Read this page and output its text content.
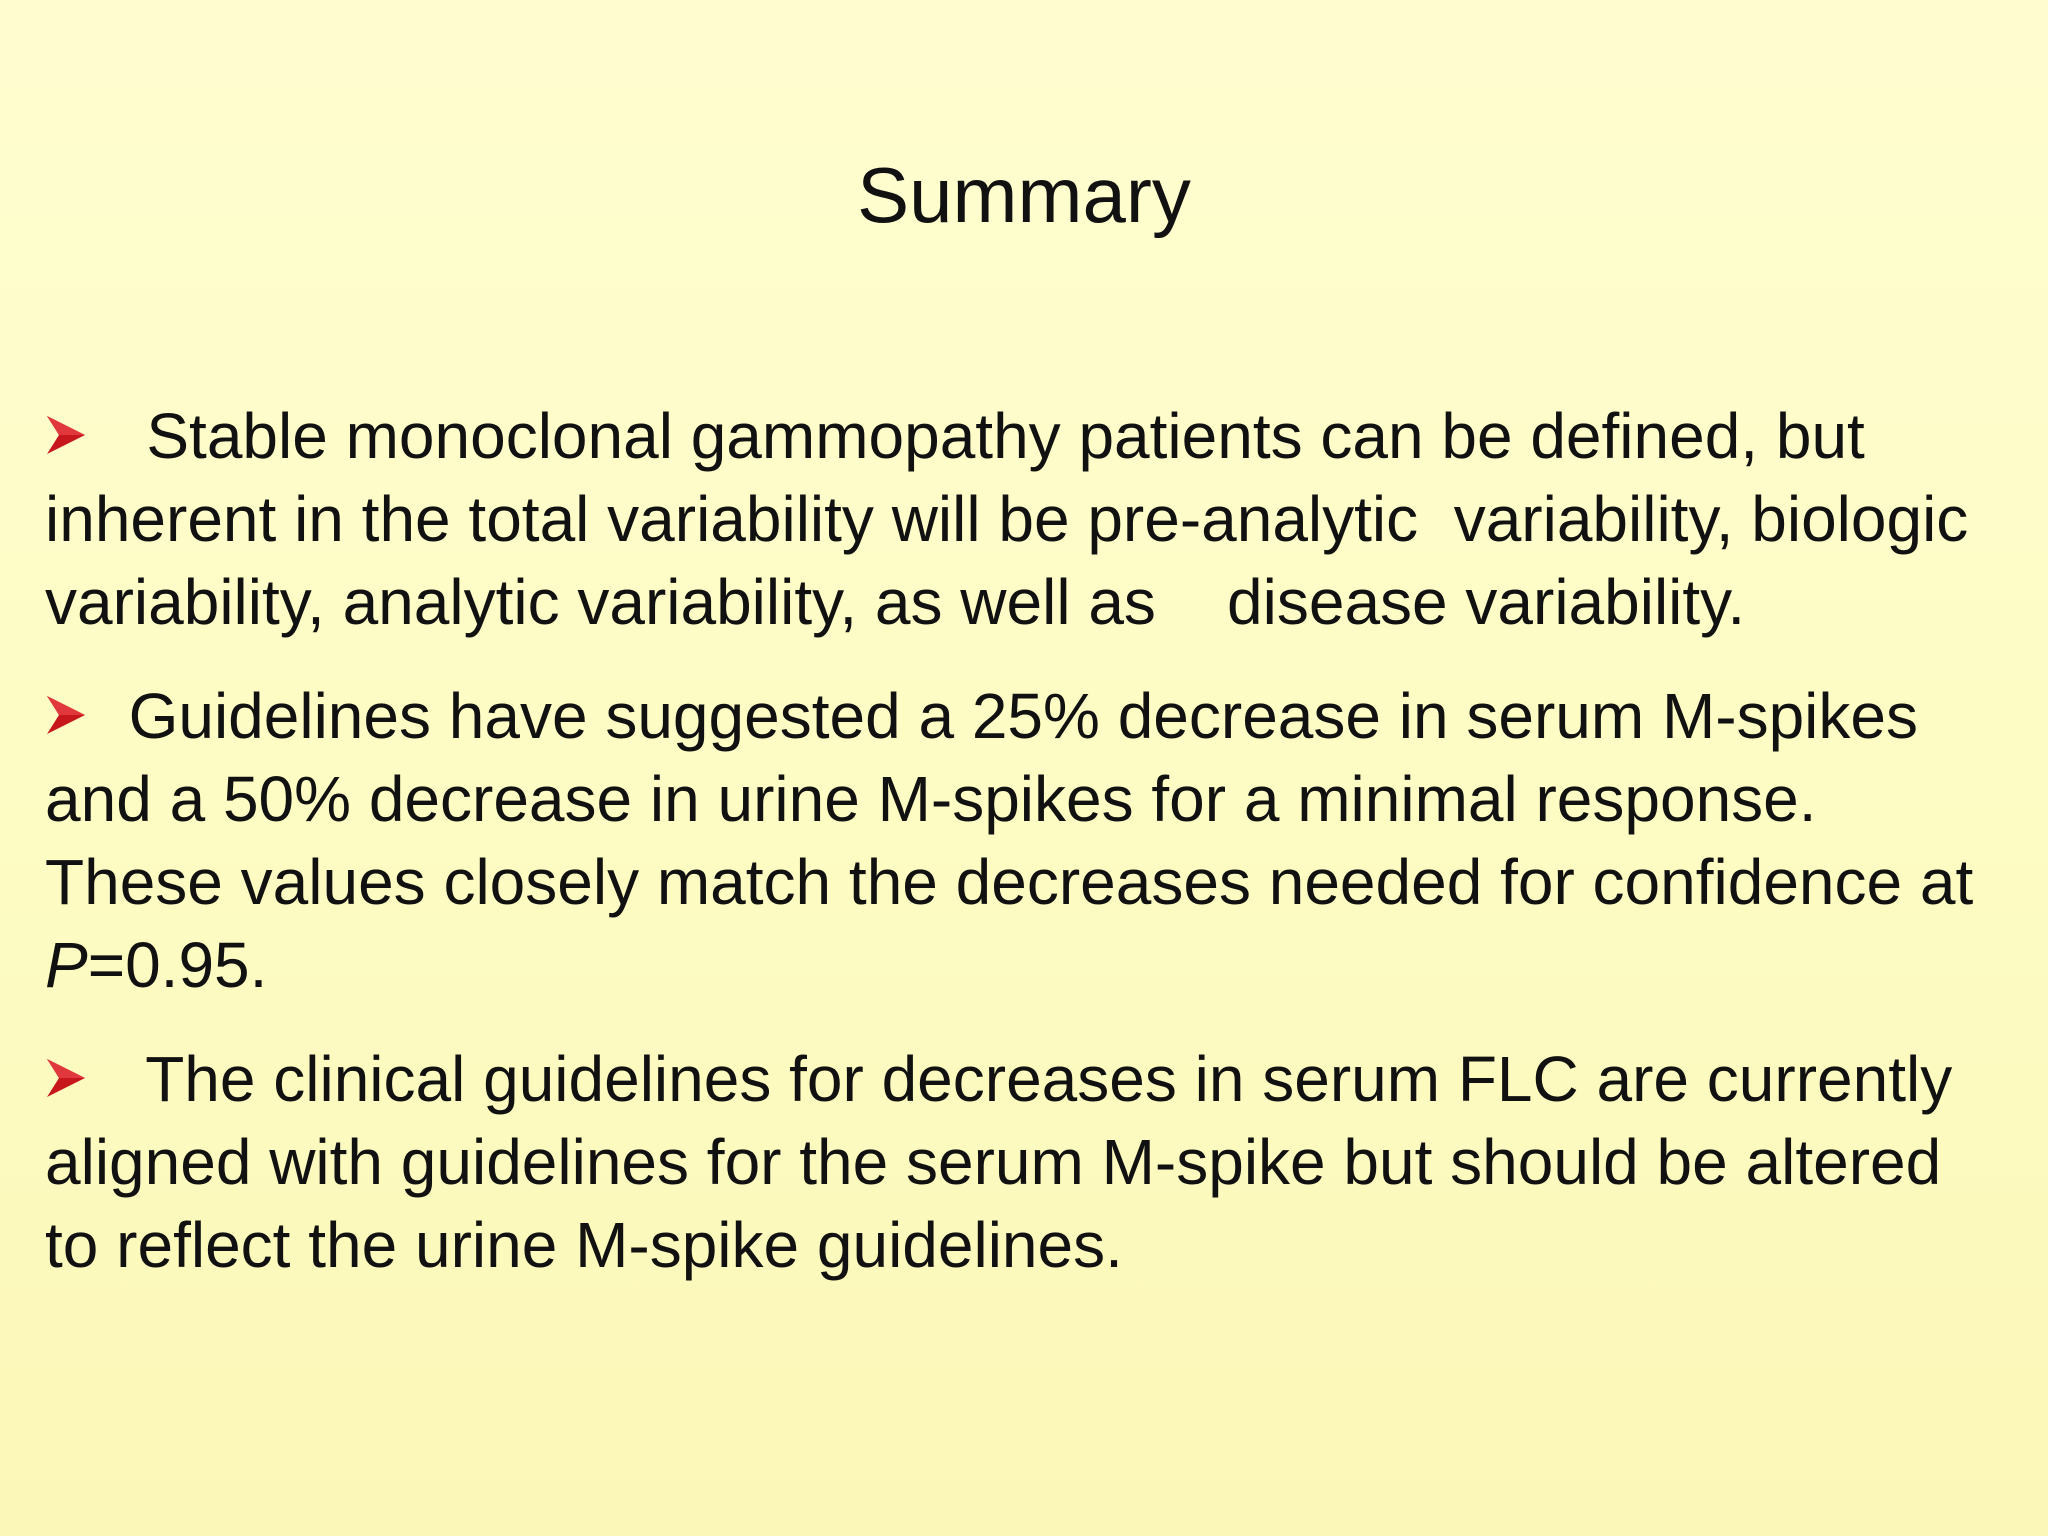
Summary
Stable monoclonal gammopathy patients can be defined, but inherent in the total variability will be pre-analytic  variability, biologic variability, analytic variability, as well as    disease variability.
Guidelines have suggested a 25% decrease in serum M-spikes and a 50% decrease in urine M-spikes for a minimal response.  These values closely match the decreases needed for confidence at P=0.95.
The clinical guidelines for decreases in serum FLC are currently aligned with guidelines for the serum M-spike but should be altered to reflect the urine M-spike guidelines.
